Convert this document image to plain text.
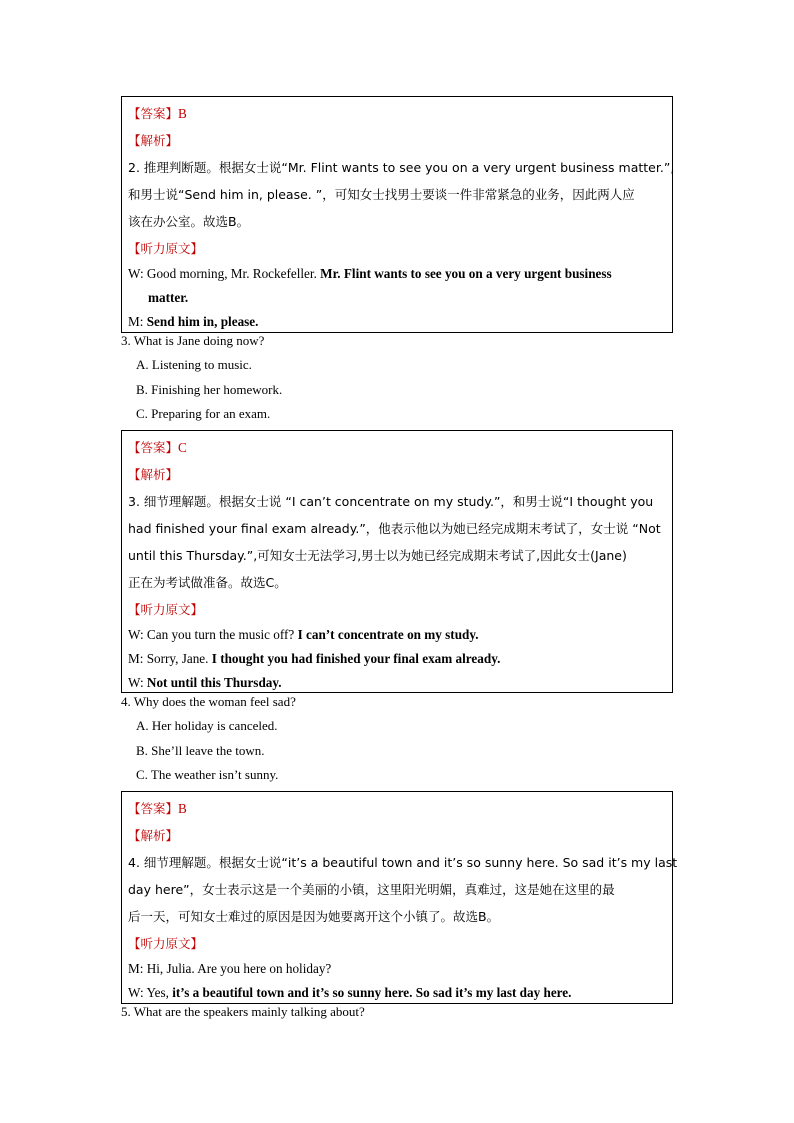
【答案】B
【解析】
2. 推理判断题。根据女士说“Mr. Flint wants to see you on a very urgent business matter.”,
和男士说“Send him in, please. ”，可知女士找男士要谈一件非常紧急的业务，因此两人应
该在办公室。故选B。
【听力原文】
W: Good morning, Mr. Rockefeller. Mr. Flint wants to see you on a very urgent business
matter.
M: Send him in, please.
3. What is Jane doing now?
A. Listening to music.
B. Finishing her homework.
C. Preparing for an exam.
【答案】C
【解析】
3. 细节理解题。根据女士说 “I can’t concentrate on my study.”，和男士说“I thought you
had finished your final exam already.”，他表示他以为她已经完成期末考试了，女士说 “Not
until this Thursday.”,可知女士无法学习,男士以为她已经完成期末考试了,因此女士(Jane)
正在为考试做准备。故选C。
【听力原文】
W: Can you turn the music off? I can’t concentrate on my study.
M: Sorry, Jane. I thought you had finished your final exam already.
W: Not until this Thursday.
4. Why does the woman feel sad?
A. Her holiday is canceled.
B. She’ll leave the town.
C. The weather isn’t sunny.
【答案】B
【解析】
4. 细节理解题。根据女士说“it’s a beautiful town and it’s so sunny here. So sad it’s my last
day here”，女士表示这是一个美丽的小镇，这里阳光明媚，真难过，这是她在这里的最
后一天，可知女士难过的原因是因为她要离开这个小镇了。故选B。
【听力原文】
M: Hi, Julia. Are you here on holiday?
W: Yes, it’s a beautiful town and it’s so sunny here. So sad it’s my last day here.
5. What are the speakers mainly talking about?
